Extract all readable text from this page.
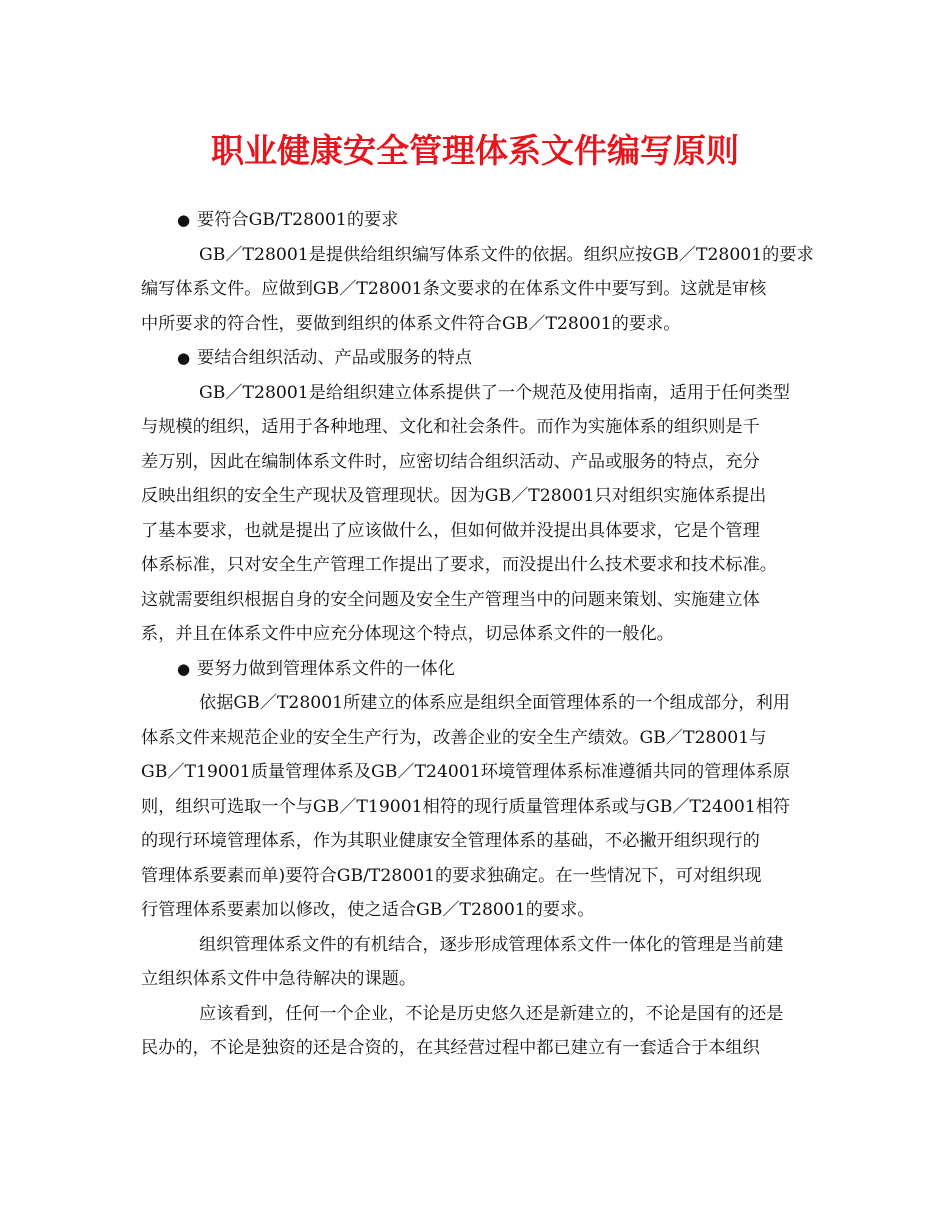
职业健康安全管理体系文件编写原则
● 要符合GB/T28001的要求
GB／T28001是提供给组织编写体系文件的依据。组织应按GB／T28001的要求
编写体系文件。应做到GB／T28001条文要求的在体系文件中要写到。这就是审核
中所要求的符合性，要做到组织的体系文件符合GB／T28001的要求。
● 要结合组织活动、产品或服务的特点
GB／T28001是给组织建立体系提供了一个规范及使用指南，适用于任何类型
与规模的组织，适用于各种地理、文化和社会条件。而作为实施体系的组织则是千
差万别，因此在编制体系文件时，应密切结合组织活动、产品或服务的特点，充分
反映出组织的安全生产现状及管理现状。因为GB／T28001只对组织实施体系提出
了基本要求，也就是提出了应该做什么，但如何做并没提出具体要求，它是个管理
体系标准，只对安全生产管理工作提出了要求，而没提出什么技术要求和技术标准。
这就需要组织根据自身的安全问题及安全生产管理当中的问题来策划、实施建立体
系，并且在体系文件中应充分体现这个特点，切忌体系文件的一般化。
● 要努力做到管理体系文件的一体化
依据GB／T28001所建立的体系应是组织全面管理体系的一个组成部分，利用
体系文件来规范企业的安全生产行为，改善企业的安全生产绩效。GB／T28001与
GB／T19001质量管理体系及GB／T24001环境管理体系标准遵循共同的管理体系原
则，组织可选取一个与GB／T19001相符的现行质量管理体系或与GB／T24001相符
的现行环境管理体系，作为其职业健康安全管理体系的基础，不必撇开组织现行的
管理体系要素而单)要符合GB/T28001的要求独确定。在一些情况下，可对组织现
行管理体系要素加以修改，使之适合GB／T28001的要求。
组织管理体系文件的有机结合，逐步形成管理体系文件一体化的管理是当前建
立组织体系文件中急待解决的课题。
应该看到，任何一个企业，不论是历史悠久还是新建立的，不论是国有的还是
民办的，不论是独资的还是合资的，在其经营过程中都已建立有一套适合于本组织
